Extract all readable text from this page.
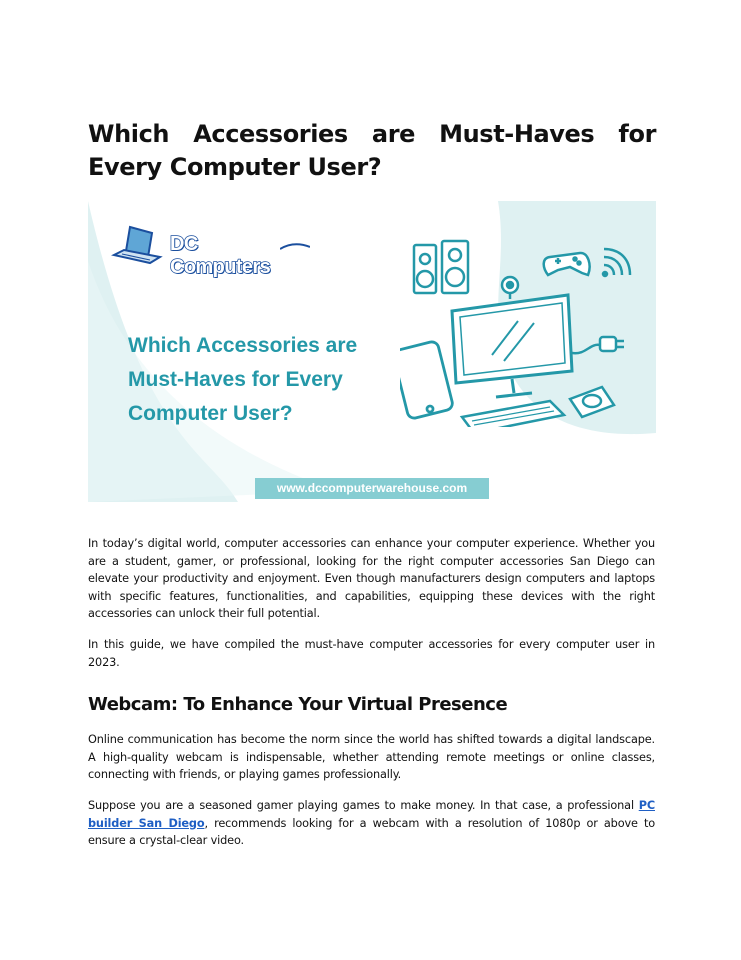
Which Accessories are Must-Haves for Every Computer User?
DC Computers
Which Accessories are
Must-Haves for Every
Computer User?
www.dccomputerwarehouse.com

In today’s digital world, computer accessories can enhance your computer experience. Whether you are a student, gamer, or professional, looking for the right computer accessories San Diego can elevate your productivity and enjoyment. Even though manufacturers design computers and laptops with specific features, functionalities, and capabilities, equipping these devices with the right accessories can unlock their full potential.

In this guide, we have compiled the must-have computer accessories for every computer user in 2023.

Webcam: To Enhance Your Virtual Presence

Online communication has become the norm since the world has shifted towards a digital landscape. A high-quality webcam is indispensable, whether attending remote meetings or online classes, connecting with friends, or playing games professionally.

Suppose you are a seasoned gamer playing games to make money. In that case, a professional PC builder San Diego, recommends looking for a webcam with a resolution of 1080p or above to ensure a crystal-clear video.
